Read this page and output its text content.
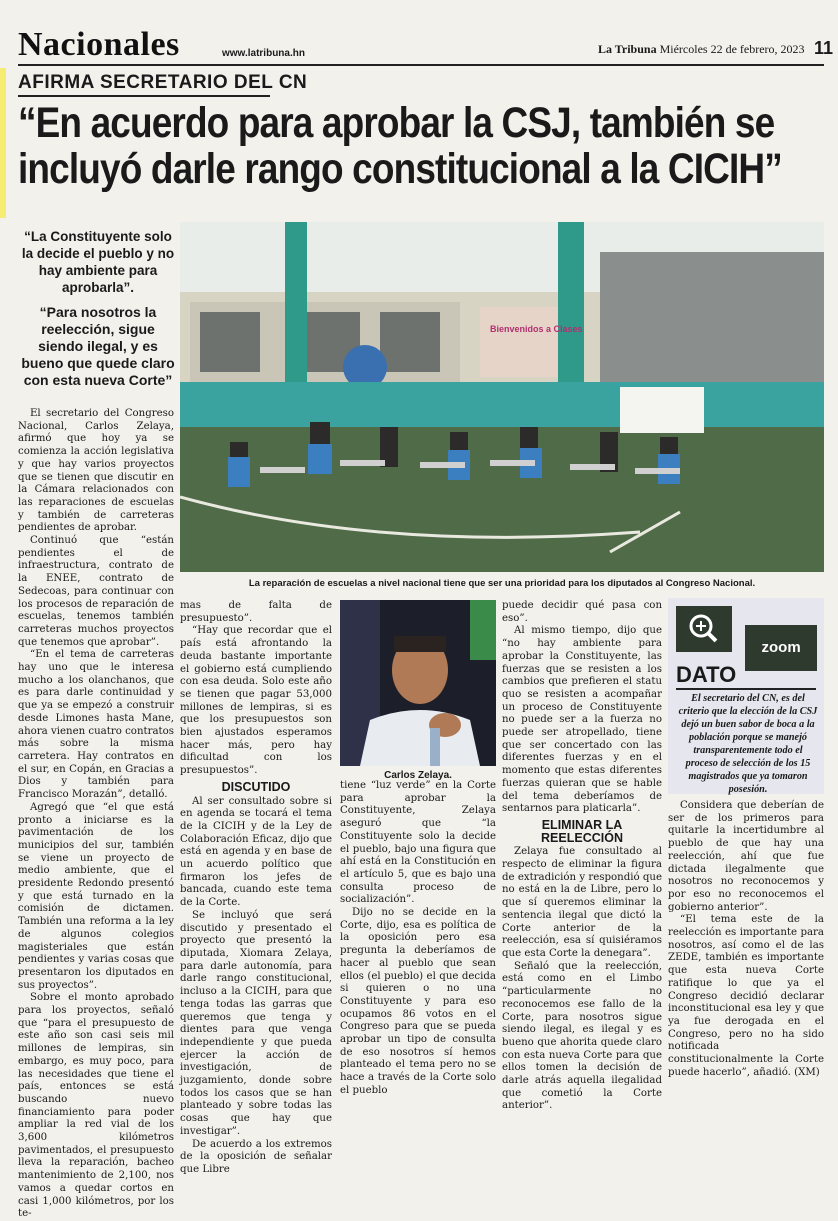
Nacionales	www.latribuna.hn	La Tribuna Miércoles 22 de febrero, 2023 11
AFIRMA SECRETARIO DEL CN
“En acuerdo para aprobar la CSJ, también se incluyó darle rango constitucional a la CICIH”
“La Constituyente solo la decide el pueblo y no hay ambiente para aprobarla”.
“Para nosotros la reelección, sigue siendo ilegal, y es bueno que quede claro con esta nueva Corte”

El secretario del Congreso Nacional, Carlos Zelaya, afirmó que hoy ya se comienza la acción legislativa y que hay varios proyectos que se tienen que discutir en la Cámara relacionados con las reparaciones de escuelas y también de carreteras pendientes de aprobar.

Continuó que “están pendientes el de infraestructura, contrato de la ENEE, contrato de Sedecoas, para continuar con los procesos de reparación de escuelas, tenemos también carreteras muchos proyectos que tenemos que aprobar”.

“En el tema de carreteras hay uno que le interesa mucho a los olanchanos, que es para darle continuidad y que ya se empezó a construir desde Limones hasta Mane, ahora vienen cuatro contratos más sobre la misma carretera. Hay contratos en el sur, en Copán, en Gracias a Dios y también para Francisco Morazán”, detalló.

Agregó que “el que está pronto a iniciarse es la pavimentación de los municipios del sur, también se viene un proyecto de medio ambiente, que el presidente Redondo presentó y que está turnado en la comisión de dictamen. También una reforma a la ley de algunos colegios magisteriales que están pendientes y varias cosas que presentaron los diputados en sus proyectos”.

Sobre el monto aprobado para los proyectos, señaló que “para el presupuesto de este año son casi seis mil millones de lempiras, sin embargo, es muy poco, para las necesidades que tiene el país, entonces se está buscando nuevo financiamiento para poder ampliar la red vial de los 3,600 kilómetros pavimentados, el presupuesto lleva la reparación, bacheo mantenimiento de 2,100, nos vamos a quedar cortos en casi 1,000 kilómetros, por los te-

Bienvenidos a Clases
La reparación de escuelas a nivel nacional tiene que ser una prioridad para los diputados al Congreso Nacional.

mas de falta de presupuesto”.

“Hay que recordar que el país está afrontando la deuda bastante importante el gobierno está cumpliendo con esa deuda. Solo este año se tienen que pagar 53,000 millones de lempiras, si es que los presupuestos son bien ajustados esperamos hacer más, pero hay dificultad con los presupuestos”.

DISCUTIDO

Al ser consultado sobre si en agenda se tocará el tema de la CICIH y de la Ley de Colaboración Eficaz, dijo que está en agenda y en base de un acuerdo político que firmaron los jefes de bancada, cuando este tema de la Corte.

Se incluyó que será discutido y presentado el proyecto que presentó la diputada, Xiomara Zelaya, para darle autonomía, para darle rango constitucional, incluso a la CICIH, para que tenga todas las garras que queremos que tenga y dientes para que venga independiente y que pueda ejercer la acción de investigación, de juzgamiento, donde sobre todos los casos que se han planteado y sobre todas las cosas que hay que investigar”.

De acuerdo a los extremos de la oposición de señalar que Libre

Carlos Zelaya.

tiene “luz verde” en la Corte para aprobar la Constituyente, Zelaya aseguró que “la Constituyente solo la decide el pueblo, bajo una figura que ahí está en la Constitución en el artículo 5, que es bajo una consulta proceso de socialización”.

Dijo no se decide en la Corte, dijo, esa es política de la oposición pero esa pregunta la deberíamos de hacer al pueblo que sean ellos (el pueblo) el que decida si quieren o no una Constituyente y para eso ocupamos 86 votos en el Congreso para que se pueda aprobar un tipo de consulta de eso nosotros sí hemos planteado el tema pero no se hace a través de la Corte solo el pueblo

puede decidir qué pasa con eso”.

Al mismo tiempo, dijo que “no hay ambiente para aprobar la Constituyente, las fuerzas que se resisten a los cambios que prefieren el statu quo se resisten a acompañar un proceso de Constituyente no puede ser a la fuerza no puede ser atropellado, tiene que ser concertado con las diferentes fuerzas y en el momento que estas diferentes fuerzas quieran que se hable del tema deberíamos de sentarnos para platicarla”.

ELIMINAR LA REELECCIÓN

Zelaya fue consultado al respecto de eliminar la figura de extradición y respondió que no está en la de Libre, pero lo que sí queremos eliminar la sentencia ilegal que dictó la Corte anterior de la reelección, esa sí quisiéramos que esta Corte la denegara”.

Señaló que la reelección, está como en el Limbo “particularmente no reconocemos ese fallo de la Corte, para nosotros sigue siendo ilegal, es ilegal y es bueno que ahorita quede claro con esta nueva Corte para que ellos tomen la decisión de darle atrás aquella ilegalidad que cometió la Corte anterior”.

zoom
DATO
El secretario del CN, es del criterio que la elección de la CSJ dejó un buen sabor de boca a la población porque se manejó transparentemente todo el proceso de selección de los 15 magistrados que ya tomaron posesión.

Considera que deberían de ser de los primeros para quitarle la incertidumbre al pueblo de que hay una reelección, ahí que fue dictada ilegalmente que nosotros no reconocemos y por eso no reconocemos el gobierno anterior”.

“El tema este de la reelección es importante para nosotros, así como el de las ZEDE, también es importante que esta nueva Corte ratifique lo que ya el Congreso decidió declarar inconstitucional esa ley y que ya fue derogada en el Congreso, pero no ha sido notificada constitucionalmente la Corte puede hacerlo”, añadió. (XM)
